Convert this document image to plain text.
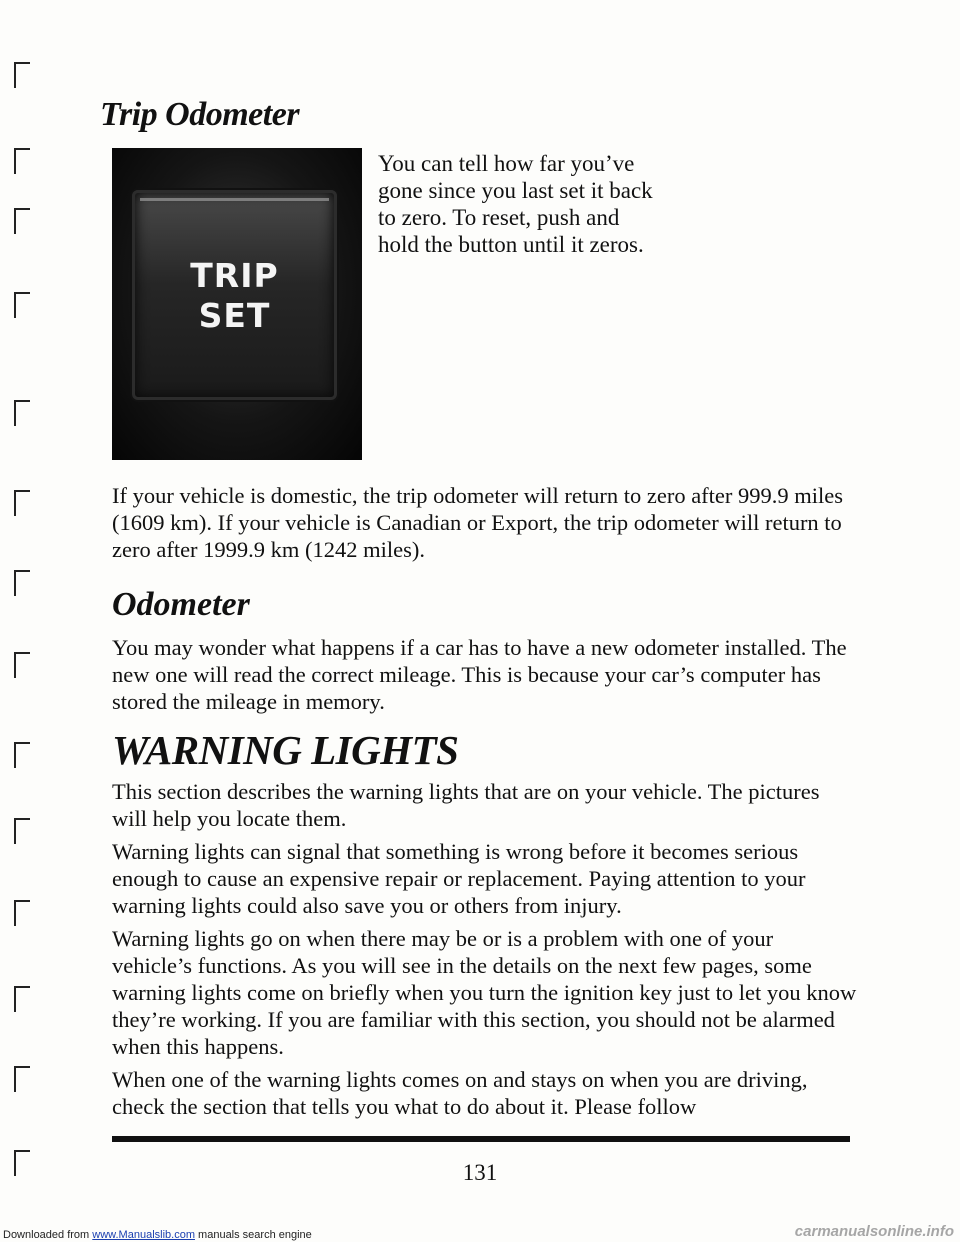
Trip Odometer
TRIP
SET

You can tell how far you’ve gone since you last set it back to zero. To reset, push and hold the button until it zeros.

If your vehicle is domestic, the trip odometer will return to zero after 999.9 miles (1609 km). If your vehicle is Canadian or Export, the trip odometer will return to zero after 1999.9 km (1242 miles).

Odometer

You may wonder what happens if a car has to have a new odometer installed. The new one will read the correct mileage. This is because your car’s computer has stored the mileage in memory.

WARNING LIGHTS

This section describes the warning lights that are on your vehicle. The pictures will help you locate them.

Warning lights can signal that something is wrong before it becomes serious enough to cause an expensive repair or replacement. Paying attention to your warning lights could also save you or others from injury.

Warning lights go on when there may be or is a problem with one of your vehicle’s functions. As you will see in the details on the next few pages, some warning lights come on briefly when you turn the ignition key just to let you know they’re working. If you are familiar with this section, you should not be alarmed when this happens.

When one of the warning lights comes on and stays on when you are driving, check the section that tells you what to do about it. Please follow

131
Downloaded from www.Manualslib.com manuals search engine	carmanualsonline.info
